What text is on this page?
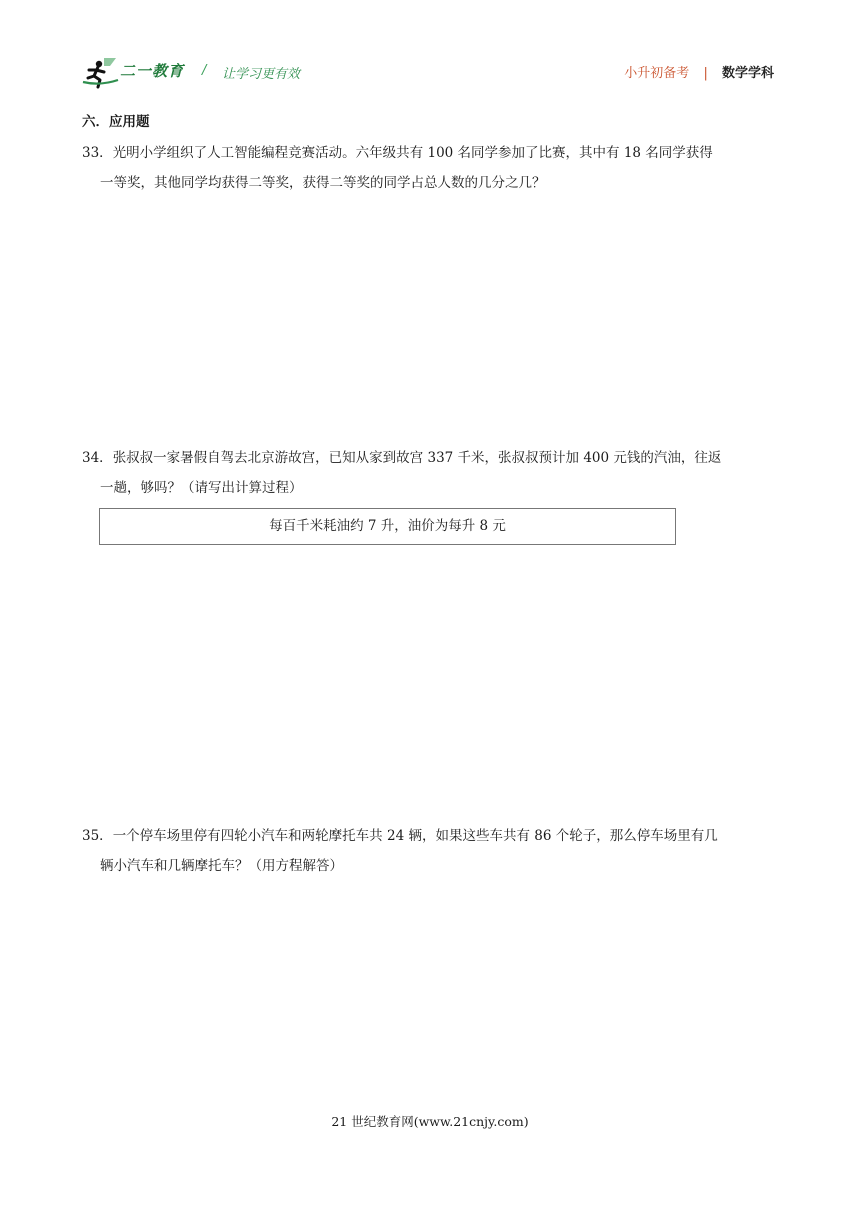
二一教育 / 让学习更有效	小升初备考 | 数学学科
六．应用题
33．光明小学组织了人工智能编程竞赛活动。六年级共有 100 名同学参加了比赛，其中有 18 名同学获得
一等奖，其他同学均获得二等奖，获得二等奖的同学占总人数的几分之几？
34．张叔叔一家暑假自驾去北京游故宫，已知从家到故宫 337 千米，张叔叔预计加 400 元钱的汽油，往返
一趟，够吗？（请写出计算过程）
每百千米耗油约 7 升，油价为每升 8 元
35．一个停车场里停有四轮小汽车和两轮摩托车共 24 辆，如果这些车共有 86 个轮子，那么停车场里有几
辆小汽车和几辆摩托车？（用方程解答）
21 世纪教育网(www.21cnjy.com)
